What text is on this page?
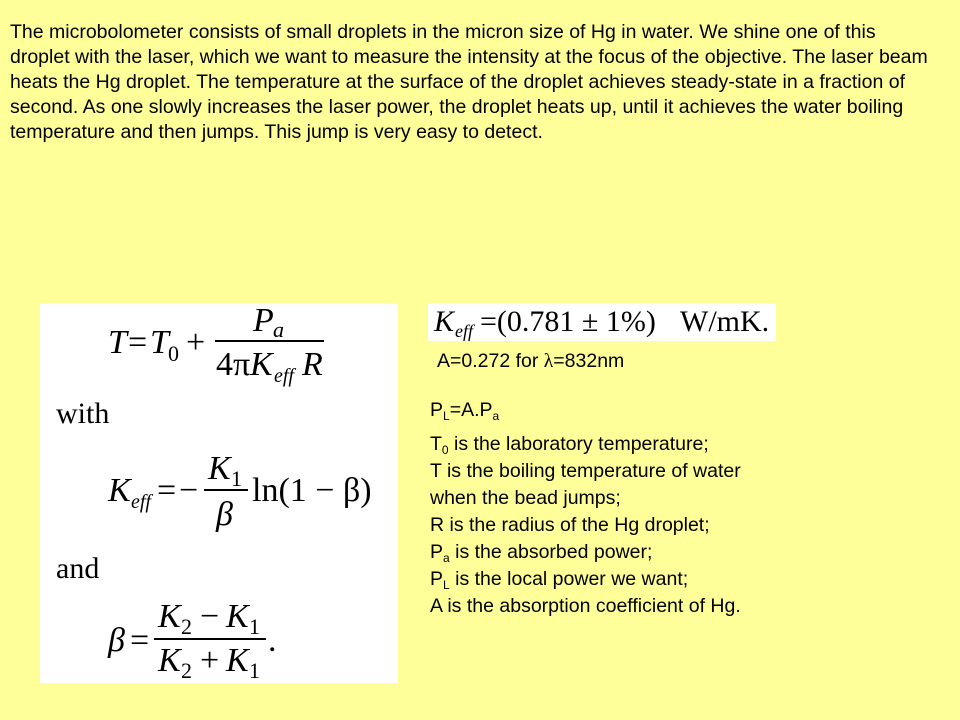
The microbolometer consists of small droplets in the micron size of Hg in water. We shine one of this droplet with the laser, which we want to measure the intensity at the focus of the objective. The laser beam heats the Hg droplet. The temperature at the surface of the droplet achieves steady-state in a fraction of second. As one slowly increases the laser power, the droplet heats up, until it achieves the water boiling temperature and then jumps. This jump is very easy to detect.

T = T 0 +
P a
4π K eff R
with
K eff = −
K 1
β
ln(1 − β)
and
β =
K 2 − K 1
K 2 + K 1
.
K eff =(0.781 ± 1%) W/mK.

A=0.272 for λ=832nm

$P_L=A.P_a$

$T_0$ is the laboratory temperature;
T is the boiling temperature of water
when the bead jumps;
R is the radius of the Hg droplet;
$P_a$ is the absorbed power;
$P_L$ is the local power we want;
A is the absorption coefficient of Hg.
